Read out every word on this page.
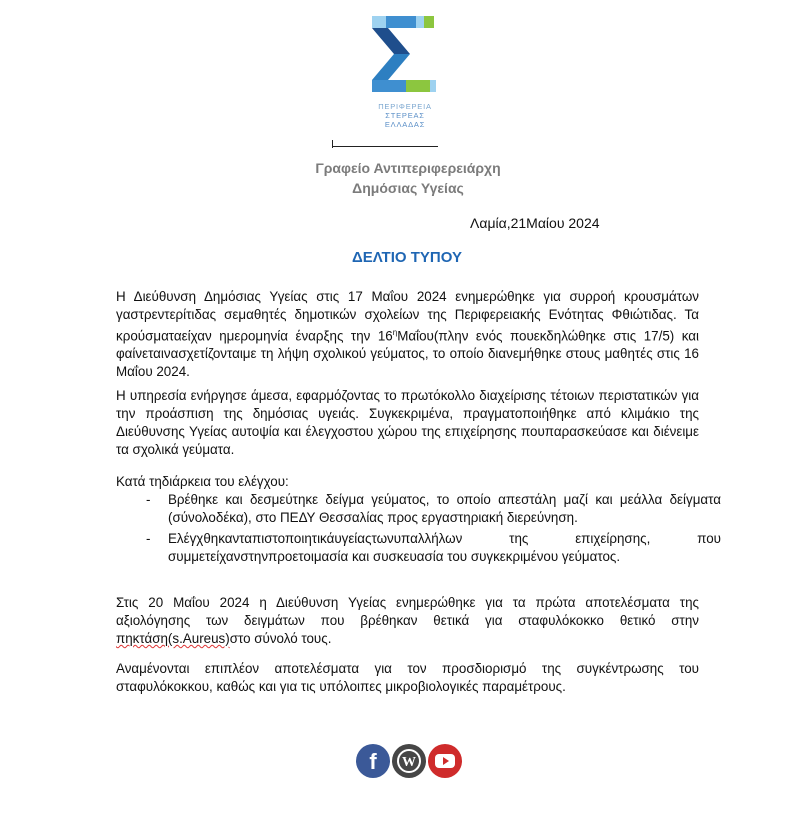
ΠΕΡΙΦΕΡΕΙΑ
ΣΤΕΡΕΑΣ
ΕΛΛΑΔΑΣ
Γραφείο Αντιπεριφερειάρχη
Δημόσιας Υγείας
Λαμία,21Μαίου 2024
ΔΕΛΤΙΟ ΤΥΠΟΥ
Η Διεύθυνση Δημόσιας Υγείας στις 17 Μαΐου 2024 ενημερώθηκε για συρροή κρουσμάτων γαστρεντερίτιδας σεμαθητές δημοτικών σχολείων της Περιφερειακής Ενότητας Φθιώτιδας. Τα κρούσματαείχαν ημερομηνία έναρξης την $16^\eta M\alpha ΐo\upsilon(\pi\lambda\eta\nu$ ενός πουεκδηλώθηκε στις 17/5) και φαίνεταινασχετίζονταιμε τη λήψη σχολικού γεύματος, το οποίο διανεμήθηκε στους μαθητές στις 16 Μαΐου 2024.
Η υπηρεσία ενήργησε άμεσα, εφαρμόζοντας το πρωτόκολλο διαχείρισης τέτοιων περιστατικών για την προάσπιση της δημόσιας υγειάς. Συγκεκριμένα, πραγματοποιήθηκε από κλιμάκιο της Διεύθυνσης Υγείας αυτοψία και έλεγχοστου χώρου της επιχείρησης πουπαρασκεύασε και διένειμε τα σχολικά γεύματα.
Κατά τηδιάρκεια του ελέγχου:
- Βρέθηκε και δεσμεύτηκε δείγμα γεύματος, το οποίο απεστάλη μαζί και μεάλλα δείγματα (σύνολοδέκα), στο ΠΕΔΥ Θεσσαλίας προς εργαστηριακή διερεύνηση.
- Ελέγχθηκανταπιστοποιητικάυγείαςτωνυπαλλήλων της επιχείρησης, που συμμετείχανστηνπροετοιμασία και συσκευασία του συγκεκριμένου γεύματος.
Στις 20 Μαΐου 2024 η Διεύθυνση Υγείας ενημερώθηκε για τα πρώτα αποτελέσματα της αξιολόγησης των δειγμάτων που βρέθηκαν θετικά για σταφυλόκοκκο θετικό στην πηκτάση(s.Aureus)στο σύνολό τους.
Αναμένονται επιπλέον αποτελέσματα για τον προσδιορισμό της συγκέντρωσης του σταφυλόκοκκου, καθώς και για τις υπόλοιπες μικροβιολογικές παραμέτρους.
f W
